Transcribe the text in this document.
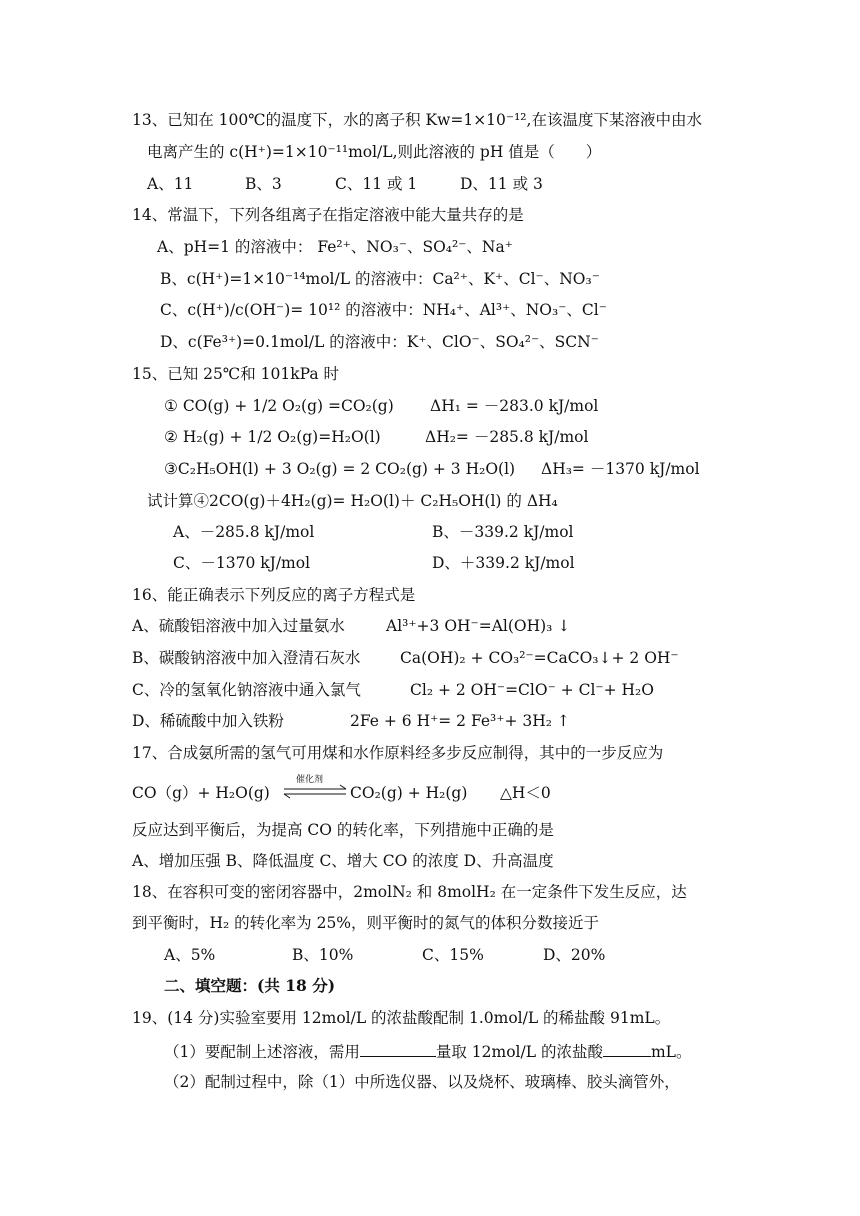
13、已知在 100℃的温度下，水的离子积 Kw=1×10⁻¹²,在该温度下某溶液中由水
电离产生的 c(H⁺)=1×10⁻¹¹mol/L,则此溶液的 pH 值是（　　）
A、11	B、3	C、11 或 1	D、11 或 3
14、常温下，下列各组离子在指定溶液中能大量共存的是
A、pH=1 的溶液中： Fe²⁺、NO₃⁻、SO₄²⁻、Na⁺
B、c(H⁺)=1×10⁻¹⁴mol/L 的溶液中：Ca²⁺、K⁺、Cl⁻、NO₃⁻
C、c(H⁺)/c(OH⁻)= 10¹² 的溶液中：NH₄⁺、Al³⁺、NO₃⁻、Cl⁻
D、c(Fe³⁺)=0.1mol/L 的溶液中：K⁺、ClO⁻、SO₄²⁻、SCN⁻
15、已知 25℃和 101kPa 时
① CO(g) + 1/2 O₂(g) =CO₂(g) ΔH₁ = －283.0 kJ/mol
② H₂(g) + 1/2 O₂(g)=H₂O(l)	ΔH₂= －285.8 kJ/mol
③C₂H₅OH(l) + 3 O₂(g) = 2 CO₂(g) + 3 H₂O(l) ΔH₃= －1370 kJ/mol
试计算④2CO(g)＋4H₂(g)= H₂O(l)＋ C₂H₅OH(l) 的 ΔH₄
A、－285.8 kJ/mol	B、－339.2 kJ/mol
C、－1370 kJ/mol	D、＋339.2 kJ/mol
16、能正确表示下列反应的离子方程式是
A、硫酸铝溶液中加入过量氨水	Al³⁺+3 OH⁻=Al(OH)₃ ↓
B、碳酸钠溶液中加入澄清石灰水	Ca(OH)₂ + CO₃²⁻=CaCO₃↓+ 2 OH⁻
C、冷的氢氧化钠溶液中通入氯气	Cl₂ + 2 OH⁻=ClO⁻ + Cl⁻+ H₂O
D、稀硫酸中加入铁粉	2Fe + 6 H⁺= 2 Fe³⁺+ 3H₂ ↑
17、合成氨所需的氢气可用煤和水作原料经多步反应制得，其中的一步反应为
CO（g）+ H₂O(g)
催化剂
CO₂(g) + H₂(g) △H＜0
反应达到平衡后，为提高 CO 的转化率，下列措施中正确的是
A、增加压强 B、降低温度 C、增大 CO 的浓度 D、升高温度
18、在容积可变的密闭容器中，2molN₂ 和 8molH₂ 在一定条件下发生反应，达
到平衡时，H₂ 的转化率为 25%，则平衡时的氮气的体积分数接近于
A、5%	B、10%	C、15%	D、20%
二、填空题：(共 18 分)
19、(14 分)实验室要用 12mol/L 的浓盐酸配制 1.0mol/L 的稀盐酸 91mL。
（1）要配制上述溶液，需用	量取 12mol/L 的浓盐酸	mL。
（2）配制过程中，除（1）中所选仪器、以及烧杯、玻璃棒、胶头滴管外，
